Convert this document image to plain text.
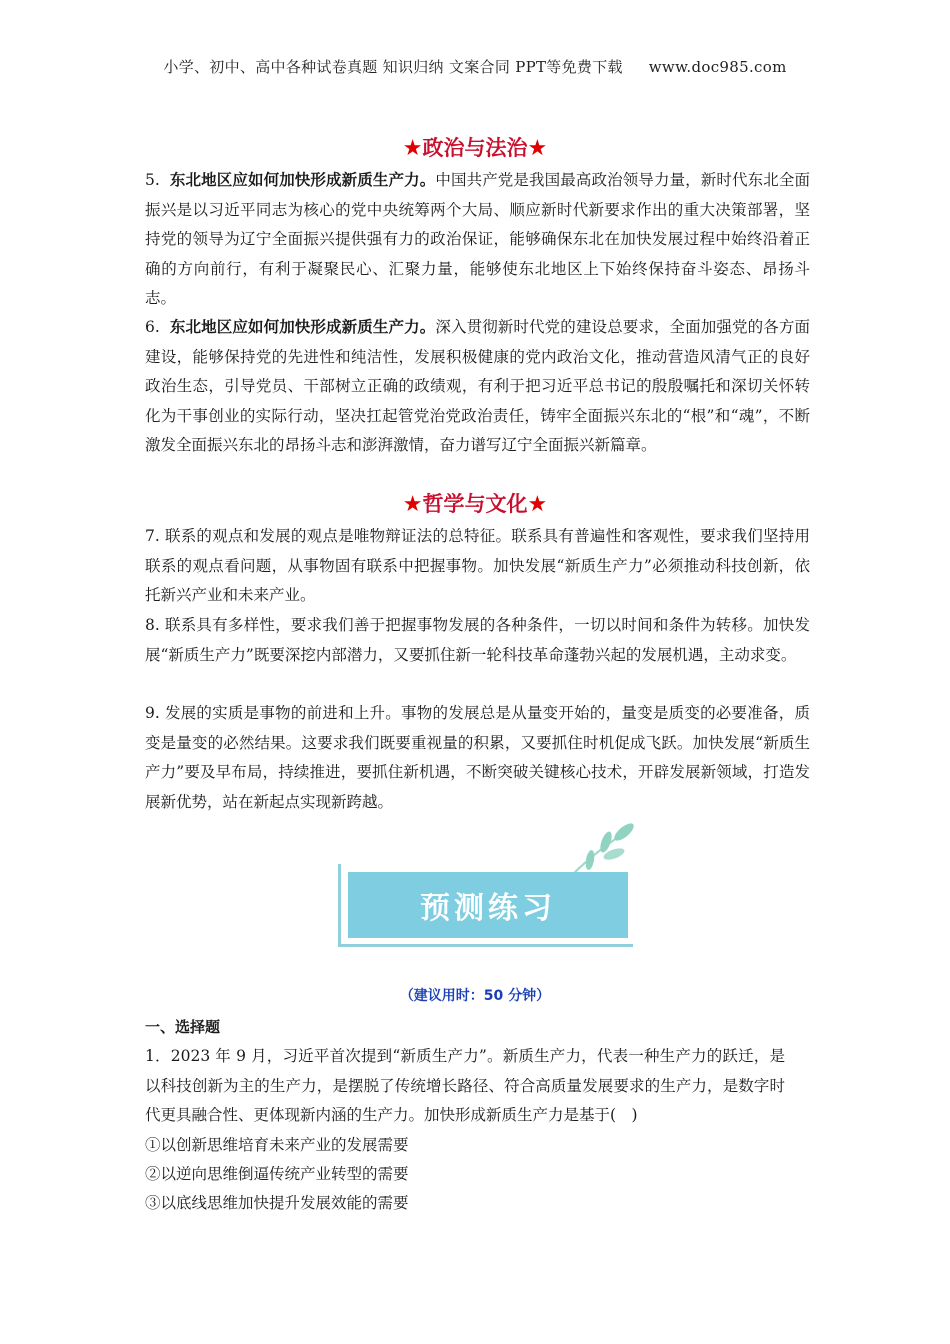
小学、初中、高中各种试卷真题 知识归纳 文案合同 PPT等免费下载 www.doc985.com
★政治与法治★
5. 东北地区应如何加快形成新质生产力。中国共产党是我国最高政治领导力量，新时代东北全面振兴是以习近平同志为核心的党中央统筹两个大局、顺应新时代新要求作出的重大决策部署，坚持党的领导为辽宁全面振兴提供强有力的政治保证，能够确保东北在加快发展过程中始终沿着正确的方向前行，有利于凝聚民心、汇聚力量，能够使东北地区上下始终保持奋斗姿态、昂扬斗志。
6. 东北地区应如何加快形成新质生产力。深入贯彻新时代党的建设总要求，全面加强党的各方面建设，能够保持党的先进性和纯洁性，发展积极健康的党内政治文化，推动营造风清气正的良好政治生态，引导党员、干部树立正确的政绩观，有利于把习近平总书记的殷殷嘱托和深切关怀转化为干事创业的实际行动，坚决扛起管党治党政治责任，铸牢全面振兴东北的“根”和“魂”，不断激发全面振兴东北的昂扬斗志和澎湃激情，奋力谱写辽宁全面振兴新篇章。
★哲学与文化★
7. 联系的观点和发展的观点是唯物辩证法的总特征。联系具有普遍性和客观性，要求我们坚持用联系的观点看问题，从事物固有联系中把握事物。加快发展“新质生产力”必须推动科技创新，依托新兴产业和未来产业。
8. 联系具有多样性，要求我们善于把握事物发展的各种条件，一切以时间和条件为转移。加快发展“新质生产力”既要深挖内部潜力，又要抓住新一轮科技革命蓬勃兴起的发展机遇，主动求变。
9. 发展的实质是事物的前进和上升。事物的发展总是从量变开始的，量变是质变的必要准备，质变是量变的必然结果。这要求我们既要重视量的积累，又要抓住时机促成飞跃。加快发展“新质生产力”要及早布局，持续推进，要抓住新机遇，不断突破关键核心技术，开辟发展新领域，打造发展新优势，站在新起点实现新跨越。
预测练习
（建议用时：50 分钟）
一、选择题
1．2023 年 9 月，习近平首次提到“新质生产力”。新质生产力，代表一种生产力的跃迁，是以科技创新为主的生产力，是摆脱了传统增长路径、符合高质量发展要求的生产力，是数字时代更具融合性、更体现新内涵的生产力。加快形成新质生产力是基于(　)
①以创新思维培育未来产业的发展需要
②以逆向思维倒逼传统产业转型的需要
③以底线思维加快提升发展效能的需要
